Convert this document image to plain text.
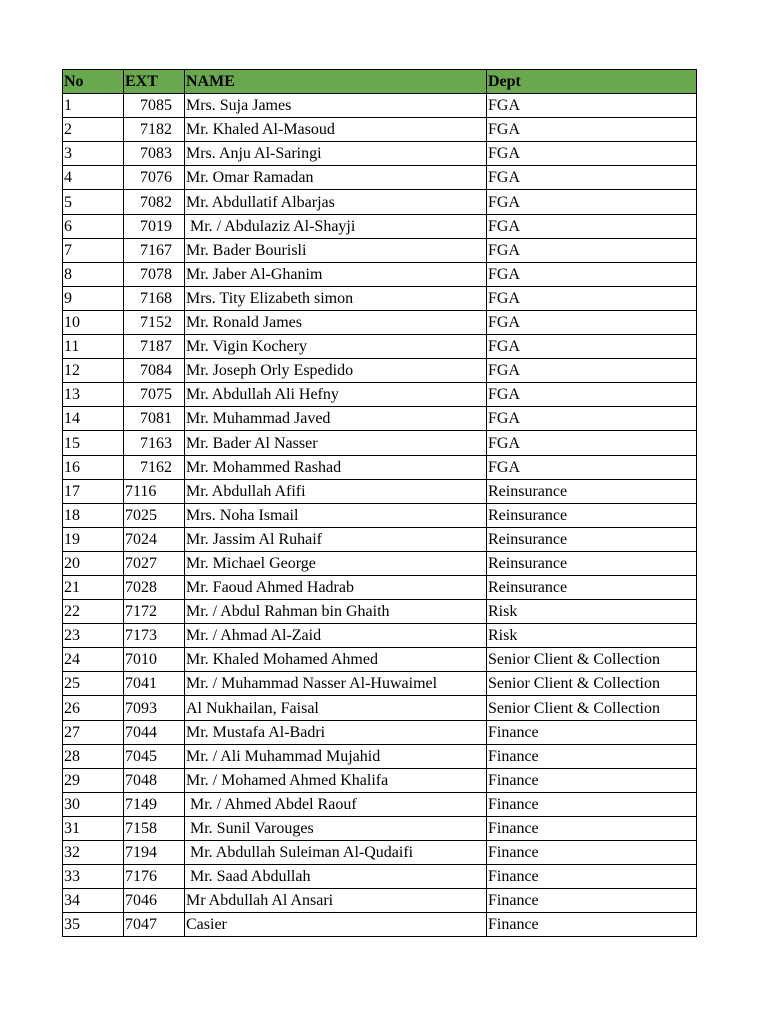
No	EXT	NAME	Dept
1	7085	Mrs. Suja James	FGA
2	7182	Mr. Khaled Al-Masoud	FGA
3	7083	Mrs. Anju Al-Saringi	FGA
4	7076	Mr. Omar Ramadan	FGA
5	7082	Mr. Abdullatif Albarjas	FGA
6	7019	Mr. / Abdulaziz Al-Shayji	FGA
7	7167	Mr. Bader Bourisli	FGA
8	7078	Mr. Jaber Al-Ghanim	FGA
9	7168	Mrs. Tity Elizabeth simon	FGA
10	7152	Mr. Ronald James	FGA
11	7187	Mr. Vigin Kochery	FGA
12	7084	Mr. Joseph Orly Espedido	FGA
13	7075	Mr. Abdullah Ali Hefny	FGA
14	7081	Mr. Muhammad Javed	FGA
15	7163	Mr. Bader Al Nasser	FGA
16	7162	Mr. Mohammed Rashad	FGA
17	7116	Mr. Abdullah Afifi	Reinsurance
18	7025	Mrs. Noha Ismail	Reinsurance
19	7024	Mr. Jassim Al Ruhaif	Reinsurance
20	7027	Mr. Michael George	Reinsurance
21	7028	Mr. Faoud Ahmed Hadrab	Reinsurance
22	7172	Mr. / Abdul Rahman bin Ghaith	Risk
23	7173	Mr. / Ahmad Al-Zaid	Risk
24	7010	Mr. Khaled Mohamed Ahmed	Senior Client & Collection
25	7041	Mr. / Muhammad Nasser Al-Huwaimel	Senior Client & Collection
26	7093	Al Nukhailan, Faisal	Senior Client & Collection
27	7044	Mr. Mustafa Al-Badri	Finance
28	7045	Mr. / Ali Muhammad Mujahid	Finance
29	7048	Mr. / Mohamed Ahmed Khalifa	Finance
30	7149	Mr. / Ahmed Abdel Raouf	Finance
31	7158	Mr. Sunil Varouges	Finance
32	7194	Mr. Abdullah Suleiman Al-Qudaifi	Finance
33	7176	Mr. Saad Abdullah	Finance
34	7046	Mr Abdullah Al Ansari	Finance
35	7047	Casier	Finance
